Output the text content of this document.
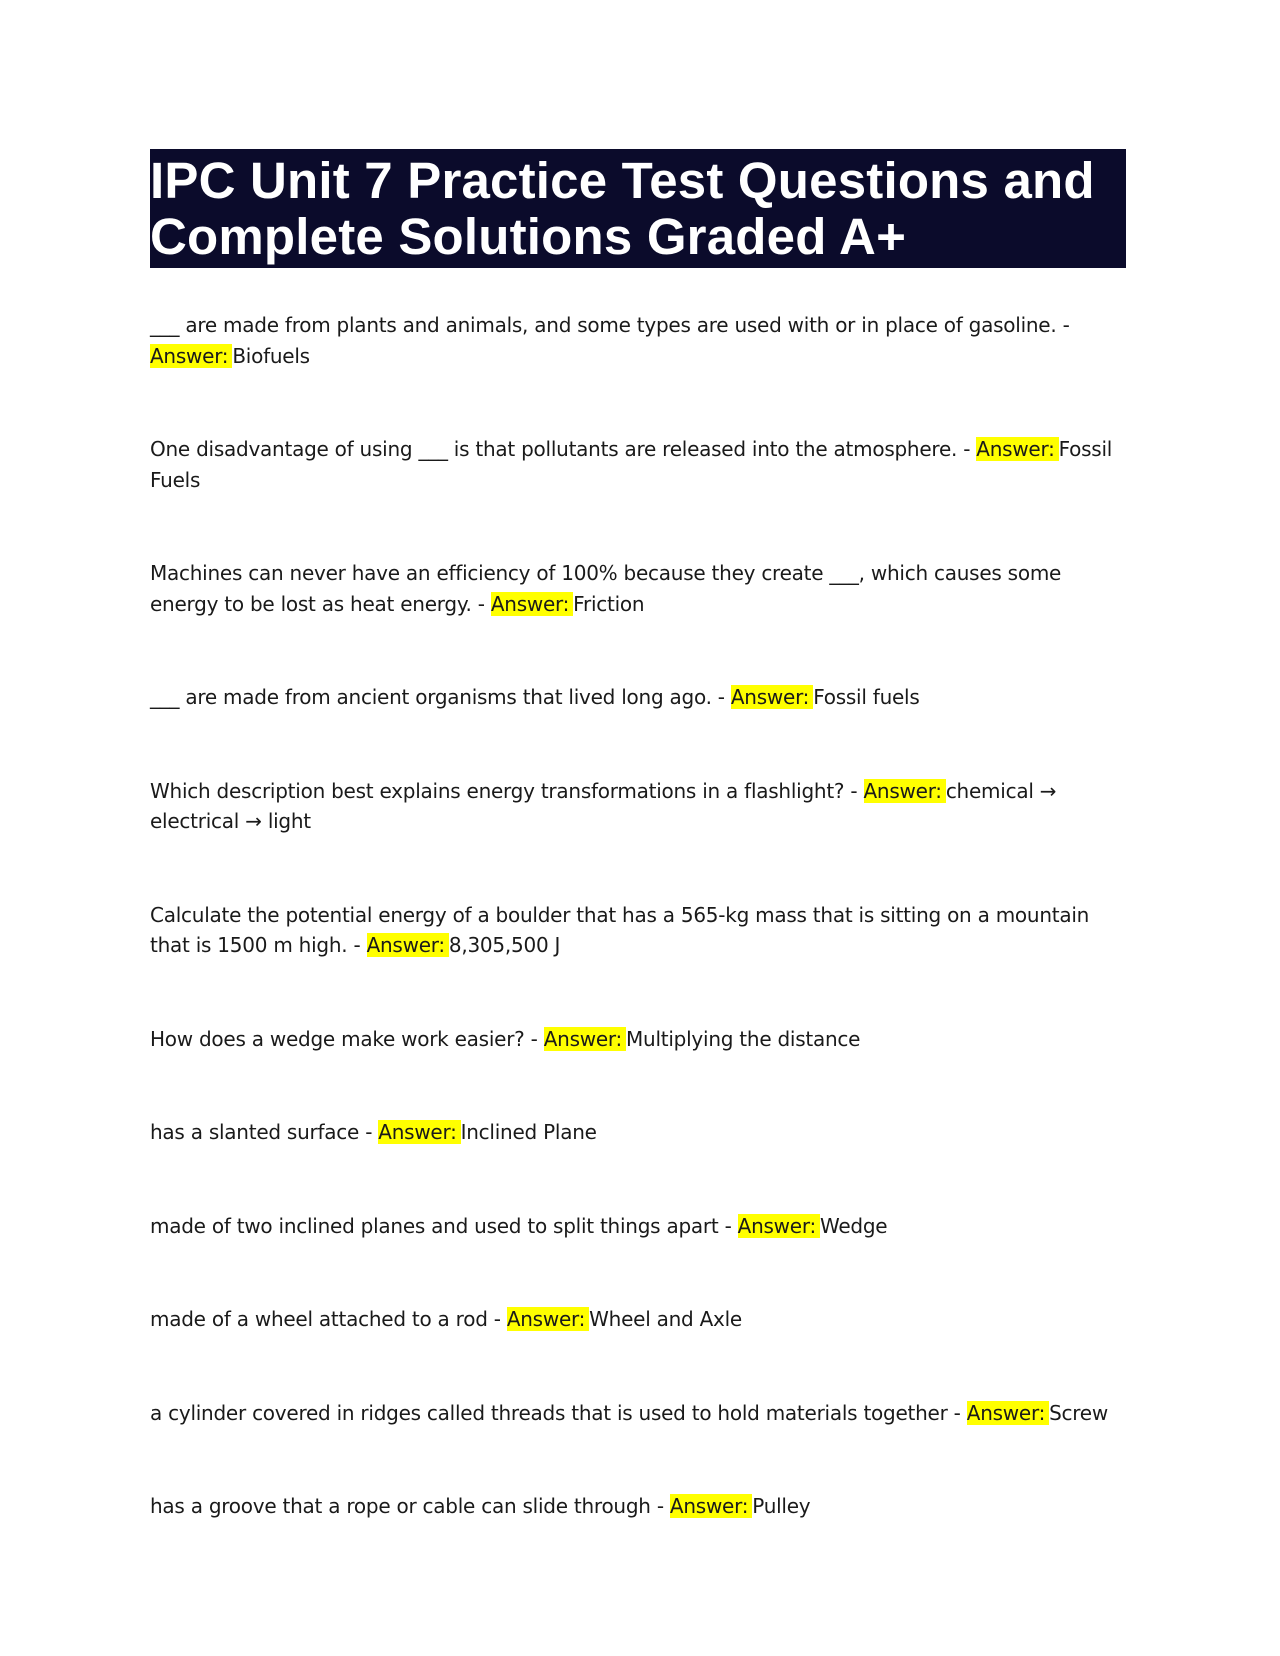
IPC Unit 7 Practice Test Questions and
Complete Solutions Graded A+

___ are made from plants and animals, and some types are used with or in place of gasoline. - Answer: Biofuels

One disadvantage of using ___ is that pollutants are released into the atmosphere. - Answer: Fossil Fuels

Machines can never have an efficiency of 100% because they create ___, which causes some energy to be lost as heat energy. - Answer: Friction

___ are made from ancient organisms that lived long ago. - Answer: Fossil fuels

Which description best explains energy transformations in a flashlight? - Answer: chemical → electrical → light

Calculate the potential energy of a boulder that has a 565-kg mass that is sitting on a mountain that is 1500 m high. - Answer: 8,305,500 J

How does a wedge make work easier? - Answer: Multiplying the distance

has a slanted surface - Answer: Inclined Plane

made of two inclined planes and used to split things apart - Answer: Wedge

made of a wheel attached to a rod - Answer: Wheel and Axle

a cylinder covered in ridges called threads that is used to hold materials together - Answer: Screw

has a groove that a rope or cable can slide through - Answer: Pulley
